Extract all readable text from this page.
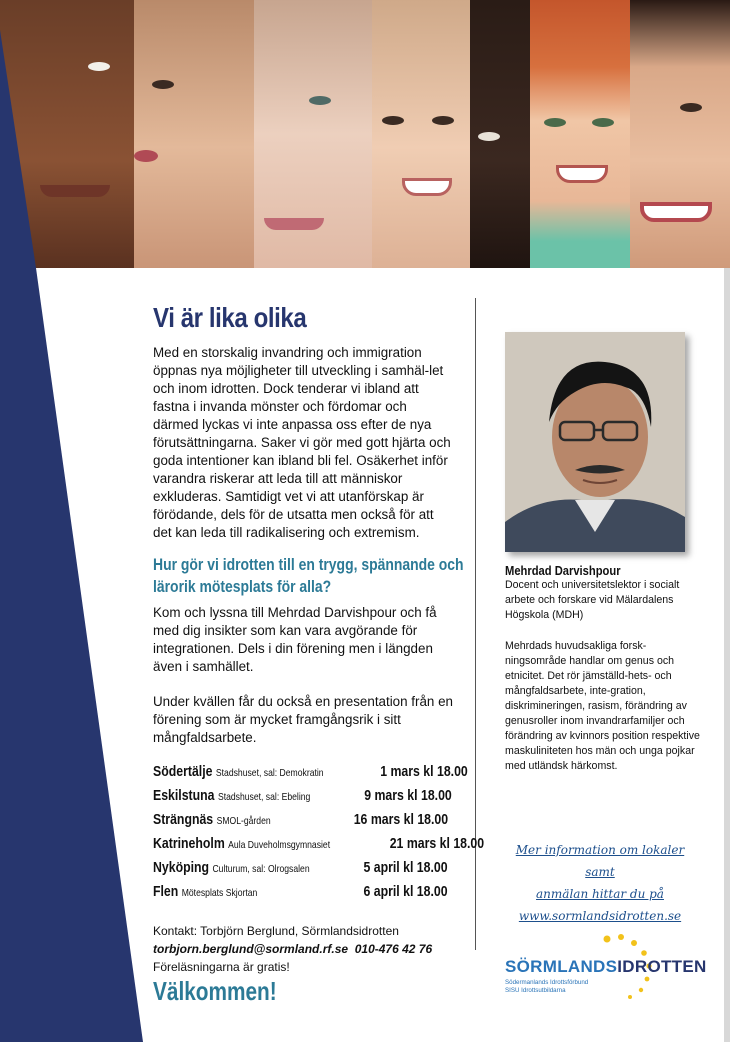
Vi är lika olika
Med en storskalig invandring och immigration öppnas nya möjligheter till utveckling i samhäl-let och inom idrotten. Dock tenderar vi ibland att fastna i invanda mönster och fördomar och därmed lyckas vi inte anpassa oss efter de nya förutsättningarna. Saker vi gör med gott hjärta och goda intentioner kan ibland bli fel. Osäkerhet inför varandra riskerar att leda till att människor exkluderas. Samtidigt vet vi att utanförskap är förödande, dels för de utsatta men också för att det kan leda till radikalisering och extremism.
Hur gör vi idrotten till en trygg, spännande och lärorik mötesplats för alla?
Kom och lyssna till Mehrdad Darvishpour och få med dig insikter som kan vara avgörande för integrationen. Dels i din förening men i längden även i samhället.
Under kvällen får du också en presentation från en förening som är mycket framgångsrik i sitt mångfaldsarbete.
Södertälje Stadshuset, sal: Demokratin	1 mars kl 18.00
Eskilstuna Stadshuset, sal: Ebeling	9 mars kl 18.00
Strängnäs SMOL-gården	16 mars kl 18.00
Katrineholm Aula Duveholmsgymnasiet	21 mars kl 18.00
Nyköping Culturum, sal: Olrogsalen	5 april kl 18.00
Flen Mötesplats Skjortan	6 april kl 18.00
Kontakt: Torbjörn Berglund, Sörmlandsidrotten
torbjorn.berglund@sormland.rf.se 010-476 42 76
Föreläsningarna är gratis!
Välkommen!
Mehrdad Darvishpour
Docent och universitetslektor i socialt arbete och forskare vid Mälardalens Högskola (MDH)
Mehrdads huvudsakliga forsk-ningsområde handlar om genus och etnicitet. Det rör jämställd-hets- och mångfaldsarbete, inte-gration, diskrimineringen, rasism, förändring av genusroller inom invandrarfamiljer och förändring av kvinnors position respektive maskuliniteten hos män och unga pojkar med utländsk härkomst.
Mer information om lokaler samt
anmälan hittar du på
www.sormlandsidrotten.se
SÖRMLANDSIDROTTEN
Södermanlands Idrottsförbund
SISU Idrottsutbildarna
